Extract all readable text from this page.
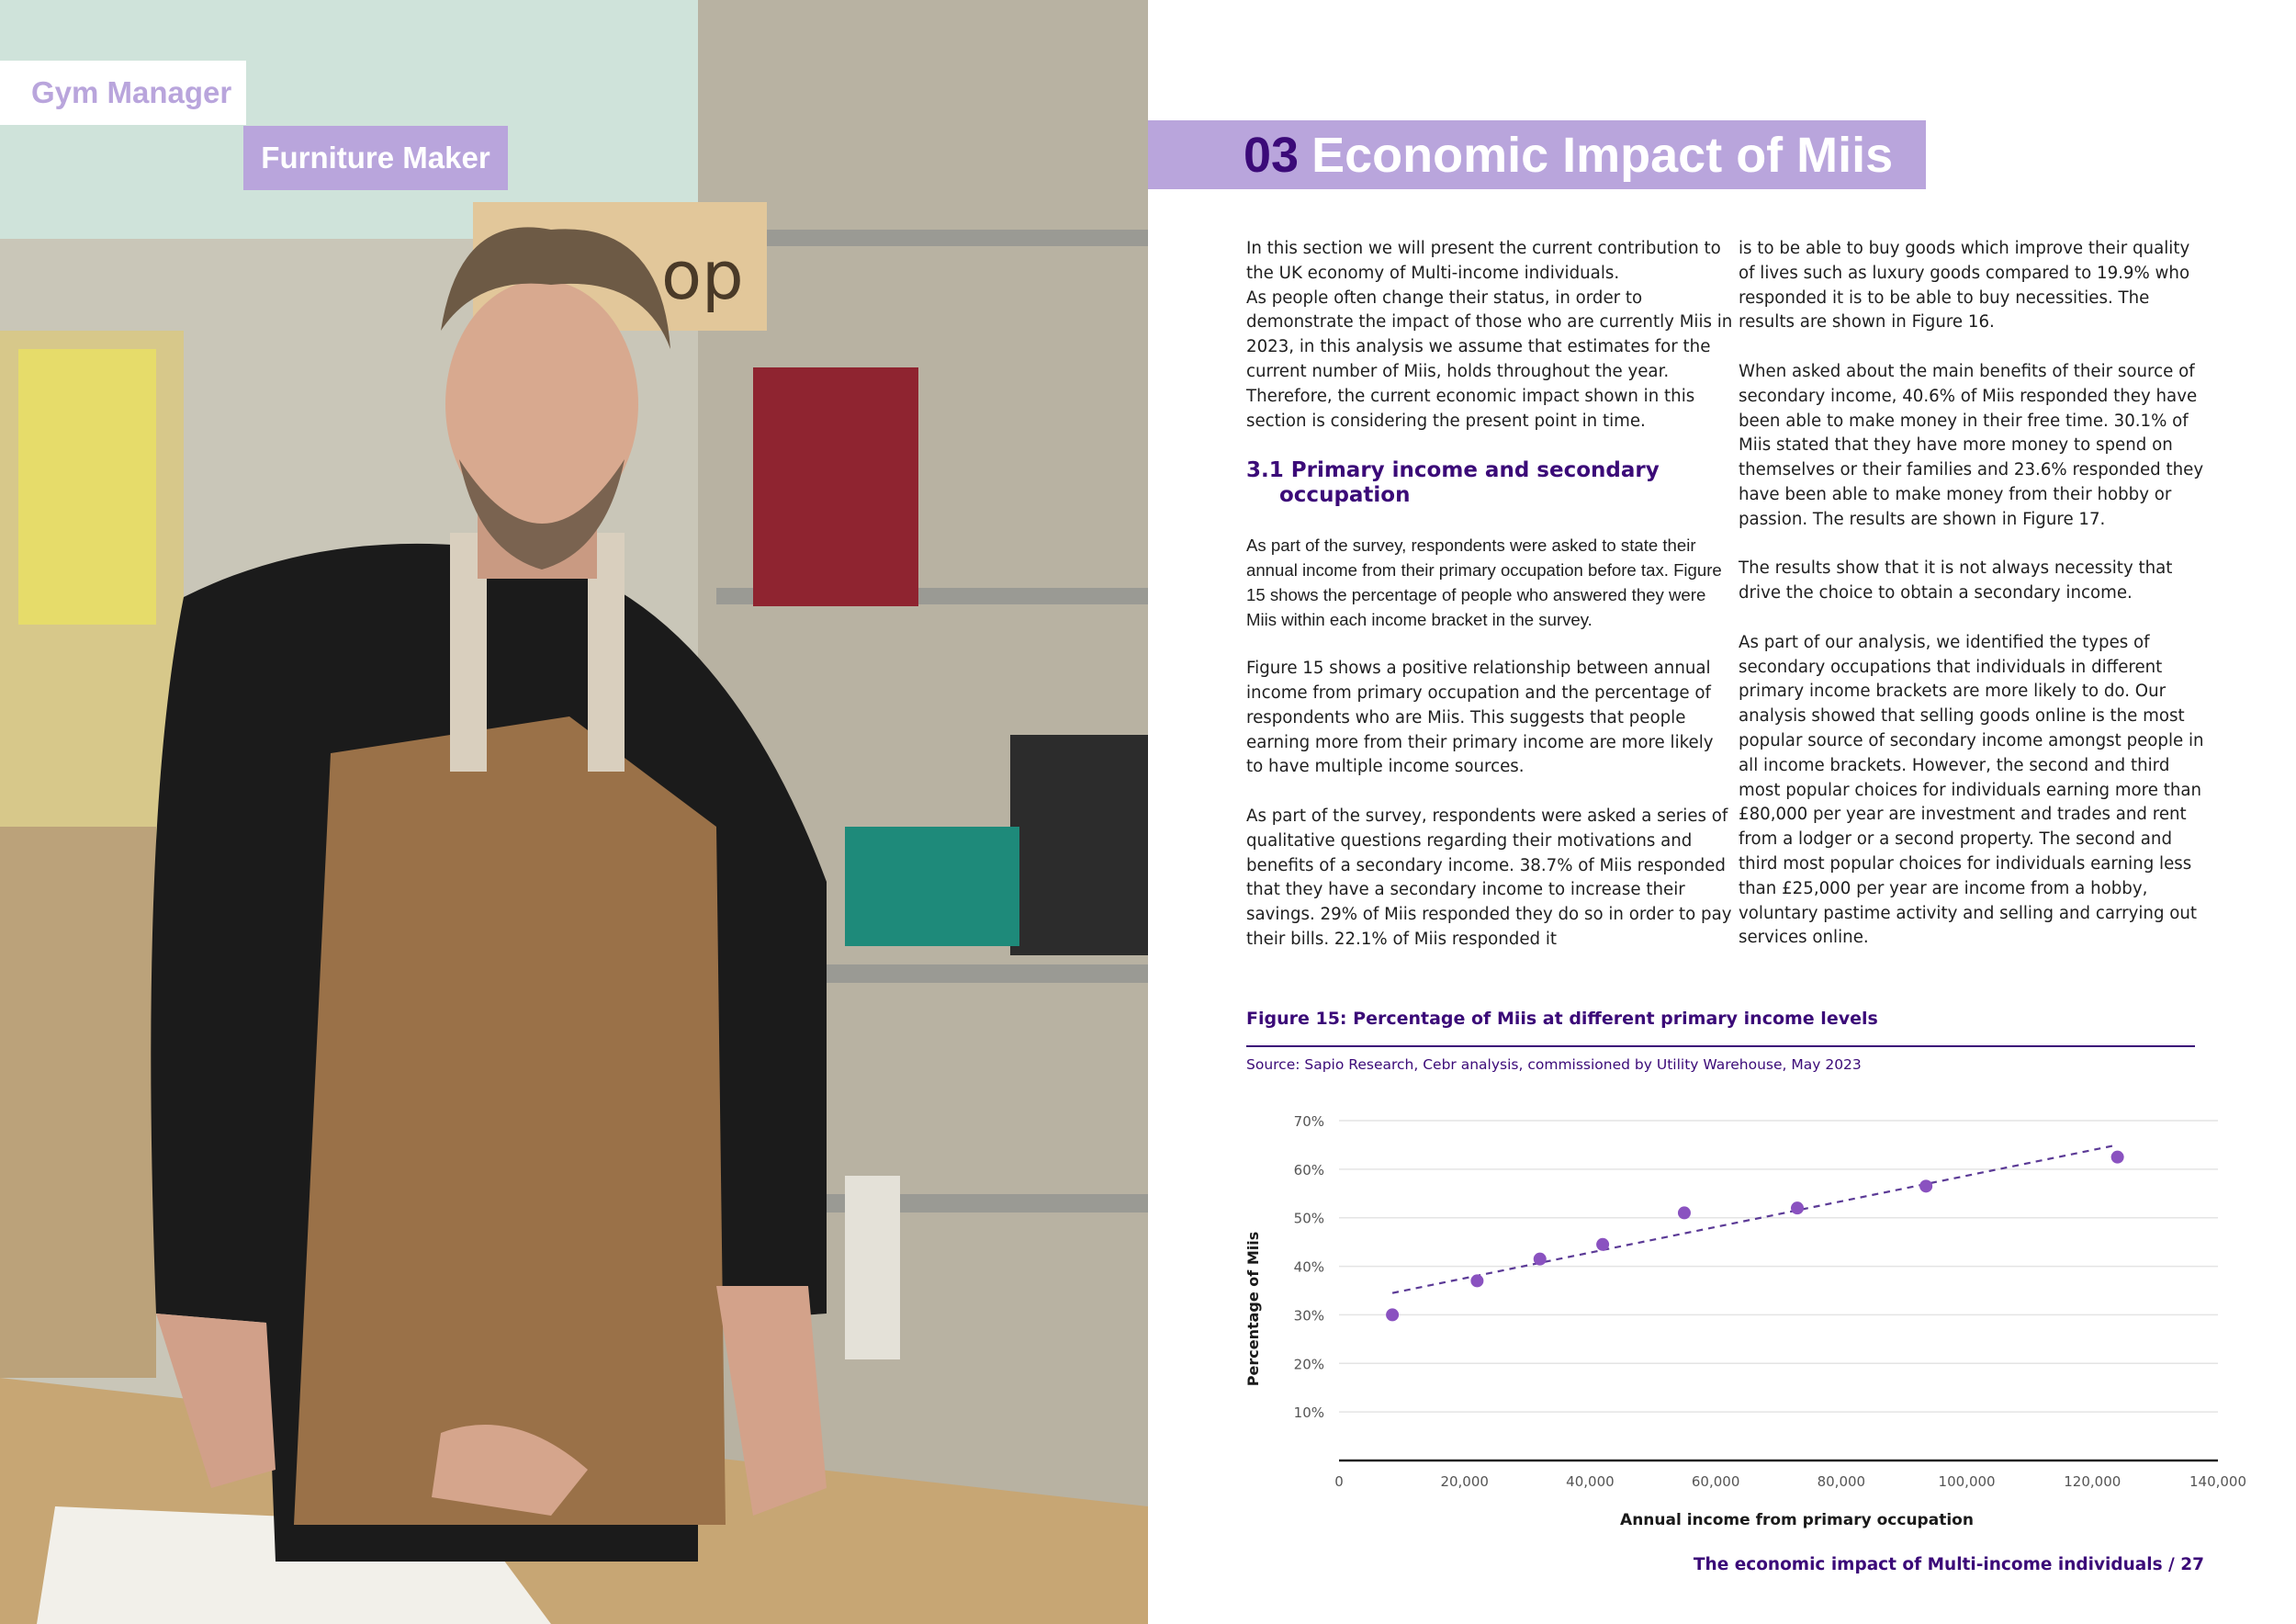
op
Gym Manager
Furniture Maker	03 Economic Impact of Miis

In this section we will present the current contribution to the UK economy of Multi-income individuals.

As people often change their status, in order to demonstrate the impact of those who are currently Miis in 2023, in this analysis we assume that estimates for the current number of Miis, holds throughout the year. Therefore, the current economic impact shown in this section is considering the present point in time.

3.1 Primary income and secondary
occupation

As part of the survey, respondents were asked to state their annual income from their primary occupation before tax. Figure 15 shows the percentage of people who answered they were Miis within each income bracket in the survey.

Figure 15 shows a positive relationship between annual income from primary occupation and the percentage of respondents who are Miis. This suggests that people earning more from their primary income are more likely to have multiple income sources.

As part of the survey, respondents were asked a series of qualitative questions regarding their motivations and benefits of a secondary income. 38.7% of Miis responded that they have a secondary income to increase their savings. 29% of Miis responded they do so in order to pay their bills. 22.1% of Miis responded it

is to be able to buy goods which improve their quality of lives such as luxury goods compared to 19.9% who responded it is to be able to buy necessities. The results are shown in Figure 16.

When asked about the main benefits of their source of secondary income, 40.6% of Miis responded they have been able to make money in their free time. 30.1% of Miis stated that they have more money to spend on themselves or their families and 23.6% responded they have been able to make money from their hobby or passion. The results are shown in Figure 17.

The results show that it is not always necessity that drive the choice to obtain a secondary income.

As part of our analysis, we identified the types of secondary occupations that individuals in different primary income brackets are more likely to do. Our analysis showed that selling goods online is the most popular source of secondary income amongst people in all income brackets. However, the second and third most popular choices for individuals earning more than £80,000 per year are investment and trades and rent from a lodger or a second property. The second and third most popular choices for individuals earning less than £25,000 per year are income from a hobby, voluntary pastime activity and selling and carrying out services online.

Figure 15: Percentage of Miis at different primary income levels
Source: Sapio Research, Cebr analysis, commissioned by Utility Warehouse, May 2023
10%
20%
30%
40%
50%
60%
70%
0	20,000	40,000	60,000	80,000	100,000	120,000	140,000
Annual income from primary occupation
Percentage of Miis
The economic impact of Multi-income individuals / 27
